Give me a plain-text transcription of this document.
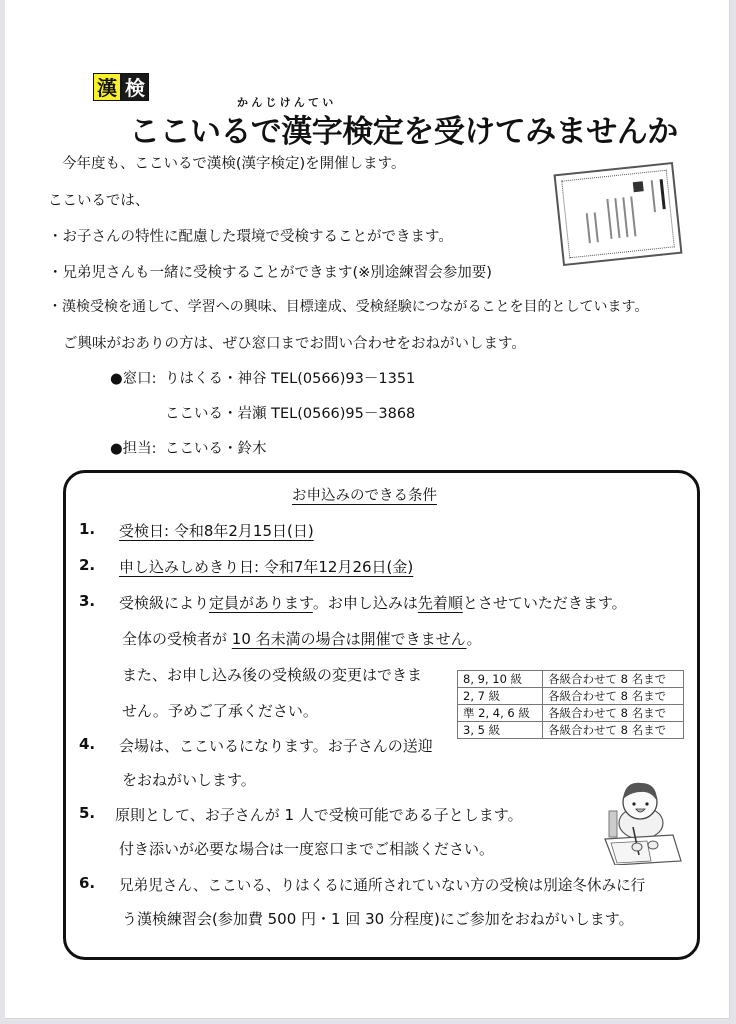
漢 検
かんじけんてい
ここいるで漢字検定を受けてみませんか
今年度も、ここいるで漢検(漢字検定)を開催します。
ここいるでは、
・お子さんの特性に配慮した環境で受検することができます。
・兄弟児さんも一緒に受検することができます(※別途練習会参加要)
・漢検受検を通して、学習への興味、目標達成、受検経験につながることを目的としています。
ご興味がおありの方は、ぜひ窓口までお問い合わせをおねがいします。
●窓口: りはくる・神谷 TEL(0566)93－1351
ここいる・岩瀬 TEL(0566)95－3868
●担当: ここいる・鈴木
お申込みのできる条件
1. 受検日: 令和8年2月15日(日)
2. 申し込みしめきり日: 令和7年12月26日(金)
3. 受検級により定員があります。お申し込みは先着順とさせていただきます。
全体の受検者が 10 名未満の場合は開催できません。
また、お申し込み後の受検級の変更はできま
せん。予めご了承ください。
8, 9, 10 級	各級合わせて 8 名まで
2, 7 級	各級合わせて 8 名まで
準 2, 4, 6 級	各級合わせて 8 名まで
3, 5 級	各級合わせて 8 名まで
4. 会場は、ここいるになります。お子さんの送迎
をおねがいします。
5. 原則として、お子さんが 1 人で受検可能である子とします。
付き添いが必要な場合は一度窓口までご相談ください。
6. 兄弟児さん、ここいる、りはくるに通所されていない方の受検は別途冬休みに行
う漢検練習会(参加費 500 円・1 回 30 分程度)にご参加をおねがいします。
